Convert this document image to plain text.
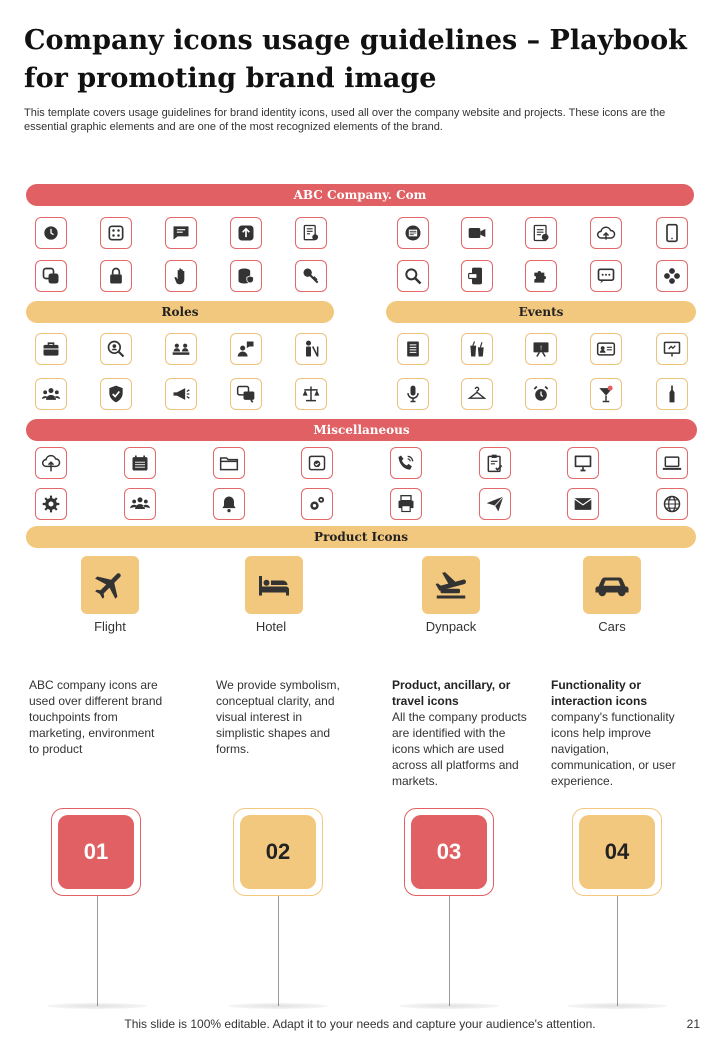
Company icons usage guidelines – Playbook for promoting brand image
This template covers usage guidelines for brand identity icons, used all over the company website and projects. These icons are the essential graphic elements and are one of the most recognized elements of the brand.
ABC Company. Com
Roles	Events
!
Miscellaneous
Product Icons
Flight	Hotel	Dynpack	Cars
ABC company icons are used over different brand touchpoints from marketing, environment to product
We provide symbolism, conceptual clarity, and visual interest in simplistic shapes and forms.
Product, ancillary, or travel icons
All the company products are identified with the icons which are used across all platforms and markets.
Functionality or interaction icons
company's functionality icons help improve navigation, communication, or user experience.
01	02	03	04
This slide is 100% editable. Adapt it to your needs and capture your audience's attention.	21
